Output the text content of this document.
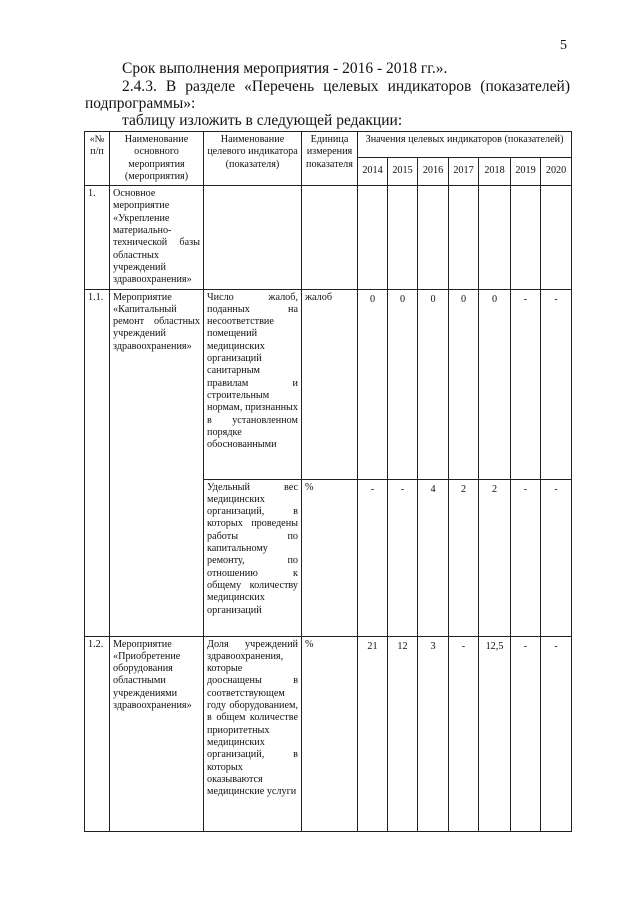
5
Срок выполнения мероприятия - 2016 - 2018 гг.».
2.4.3. В разделе «Перечень целевых индикаторов (показателей)
подпрограммы»:
таблицу изложить в следующей редакции:
«№ п/п	Наименование основного мероприятия (мероприятия)	Наименование целевого индикатора (показателя)	Единица измерения показателя	Значения целевых индикаторов (показателей)						
				2014	2015	2016	2017	2018	2019	2020
1.	Основное мероприятие «Укрепление материально-технической базы областных учреждений здравоохранения»									
1.1.	Мероприятие «Капитальный ремонт областных учреждений здравоохранения»	Число жалоб, поданных на несоответствие помещений медицинских организаций санитарным правилам и строительным нормам, признанных в установленном порядке обоснованными	жалоб	0	0	0	0	0	-	-
		Удельный вес медицинских организаций, в которых проведены работы по капитальному ремонту, по отношению к общему количеству медицинских организаций	%	-	-	4	2	2	-	-
1.2.	Мероприятие «Приобретение оборудования областными учреждениями здравоохранения»	Доля учреждений здравоохранения, которые дооснащены в соответствующем году оборудованием, в общем количестве приоритетных медицинских организаций, в которых оказываются медицинские услуги	%	21	12	3	-	12,5	-	-
